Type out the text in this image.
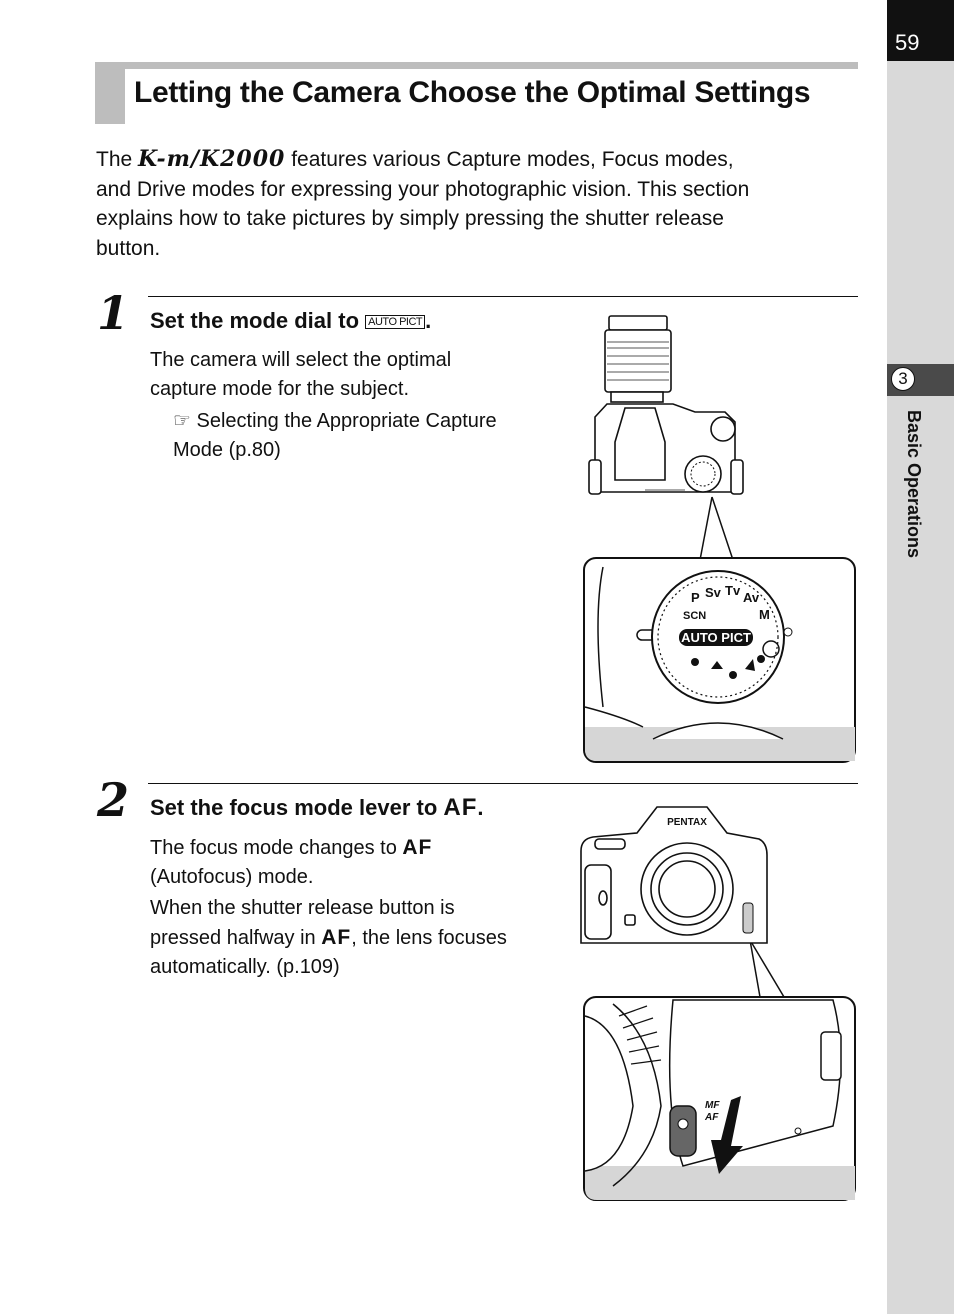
59
3
Basic Operations
Letting the Camera Choose the Optimal Settings
The K-m/K2000 features various Capture modes, Focus modes,
and Drive modes for expressing your photographic vision. This section
explains how to take pictures by simply pressing the shutter release
button.
1 Set the mode dial to AUTO PICT .
The camera will select the optimal
capture mode for the subject.
☞ Selecting the Appropriate Capture
Mode (p.80)
AUTO PICT
P Sv Tv Av
M
SCN
2 Set the focus mode lever to AF.
The focus mode changes to AF
(Autofocus) mode.
When the shutter release button is
pressed halfway in AF, the lens focuses
automatically. (p.109)
PENTAX
MF
AF
